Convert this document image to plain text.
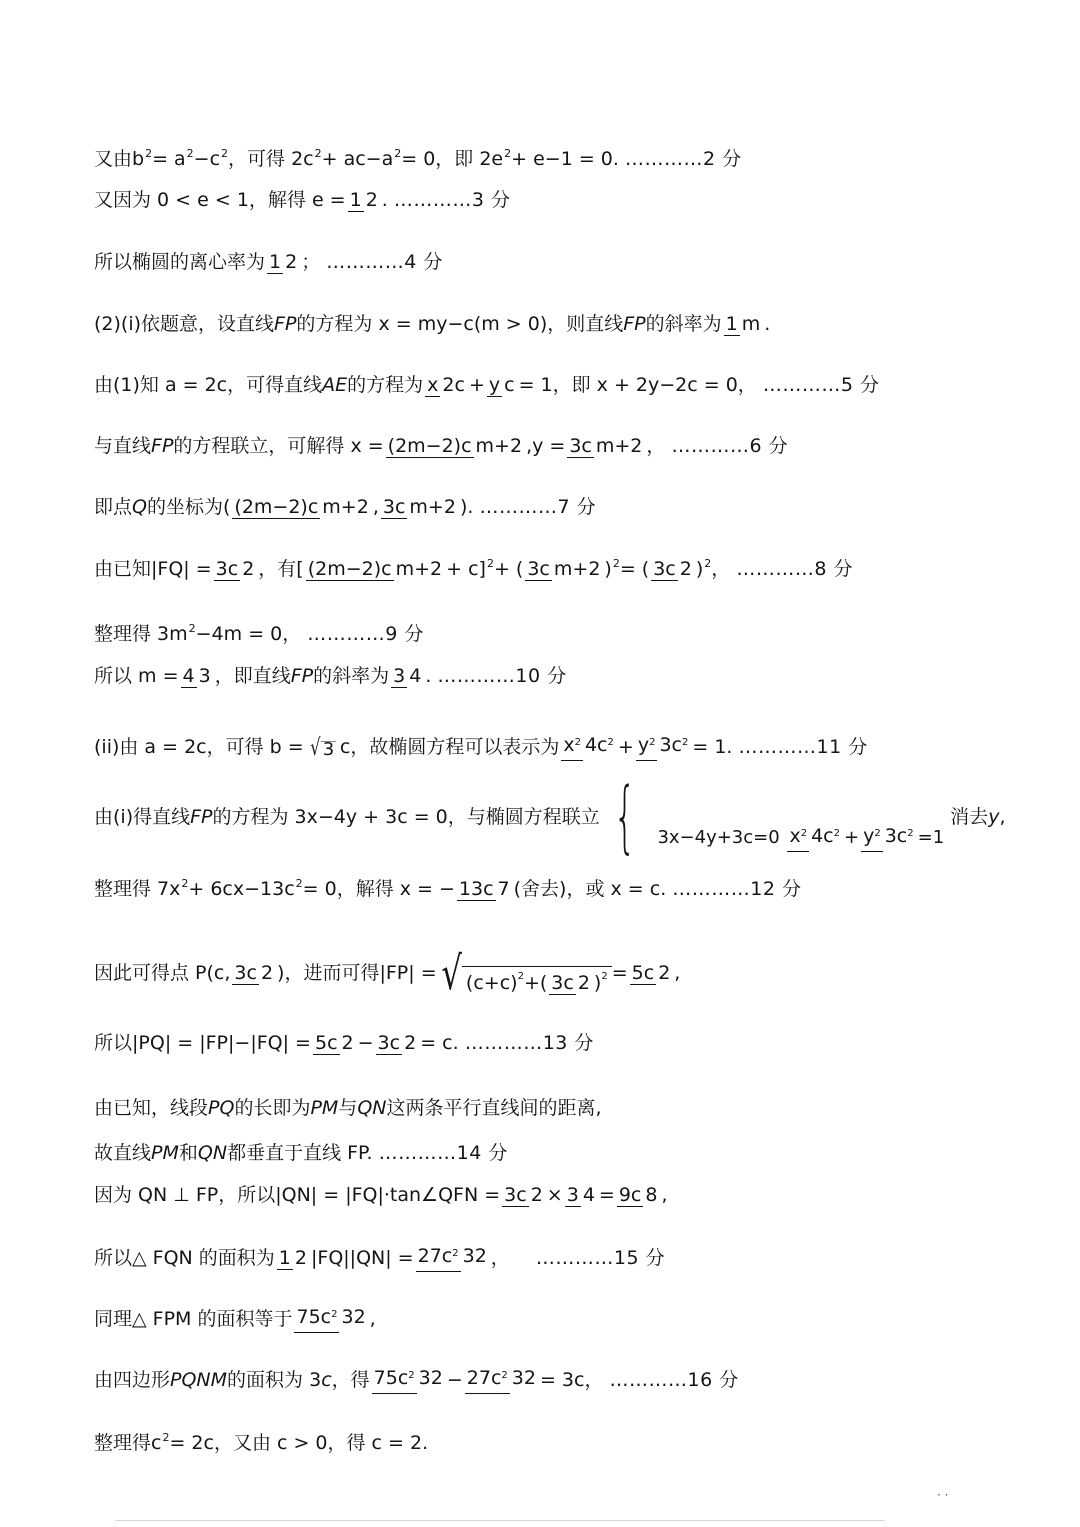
又由b2= a2−c2，可得 2c2+ ac−a2= 0，即 2e2+ e−1 = 0. …………2 分
又因为 0 < e < 1，解得 e =1 2 . …………3 分
所以椭圆的离心率为 1 2 ； …………4 分
(2)(i)依题意，设直线FP的方程为 x = my−c(m > 0)，则直线FP的斜率为 1 m .
由(1)知 a = 2c，可得直线AE的方程为 x 2c+y c= 1，即 x + 2y−2c = 0， …………5 分
与直线FP的方程联立，可解得 x =(2m−2)c m+2 ,y =3c m+2 ， …………6 分
即点Q的坐标为( (2m−2)c m+2 , 3c m+2 ). …………7 分
由已知|FQ| =3c 2 ，有[ (2m−2)c m+2+ c]2+ ( 3c m+2 )2= ( 3c 2 )2， …………8 分
整理得 3m2−4m = 0， …………9 分
所以 m =4 3 ，即直线FP的斜率为 3 4 . …………10 分
(ii)由 a = 2c，可得 b =√3 c，故椭圆方程可以表示为 x2 4c2+y2 3c2= 1. …………11 分
由(i)得直线FP的方程为 3x−4y + 3c = 0，与椭圆方程联立 { 3x−4y+3c=0 x2 4c2 + y2 3c2 =1消去y,
整理得 7x2+ 6cx−13c2= 0，解得 x = − 13c 7 (舍去)，或 x = c. …………12 分
因此可得点 P(c, 3c 2 )，进而可得|FP| =√ (c+c) 2 +( 3c 2 ) 2 =5c 2 ,
所以|PQ| = |FP|−|FQ| =5c 2 − 3c 2= c. …………13 分
由已知，线段PQ的长即为PM与QN这两条平行直线间的距离,
故直线PM和QN都垂直于直线 FP. …………14 分
因为 QN ⊥ FP，所以|QN| = |FQ|·tan∠QFN =3c 2 × 3 4=9c 8 ,
所以△ FQN 的面积为 1 2 |FQ||QN| =27c2 32 ， …………15 分
同理△ FPM 的面积等于 75c2 32 ,
由四边形PQNM的面积为 3c，得 75c2 32 − 27c2 32= 3c， …………16 分
整理得c2= 2c，又由 c > 0，得 c = 2.
· ·
